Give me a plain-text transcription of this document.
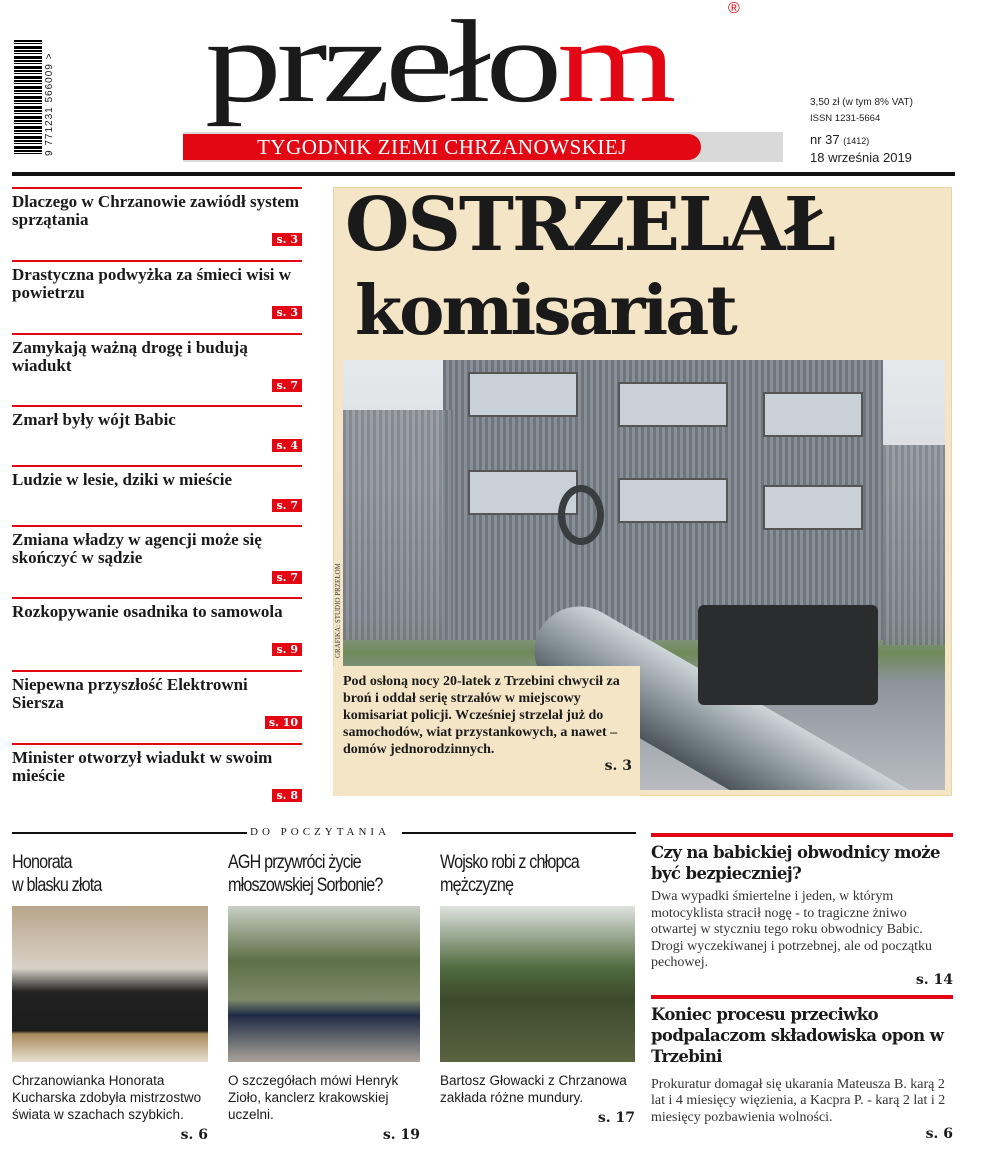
9 771231 566009 >	TYGODNIK ZIEMI CHRZANOWSKIEJ
przełom	®
3,50 zł (w tym 8% VAT)
ISSN 1231-5664
nr 37 (1412)
18 września 2019
Dlaczego w Chrzanowie zawiódł system sprzątania
s. 3
Drastyczna podwyżka za śmieci wisi w powietrzu
s. 3
Zamykają ważną drogę i budują wiadukt
s. 7
Zmarł były wójt Babic
s. 4
Ludzie w lesie, dziki w mieście
s. 7
Zmiana władzy w agencji może się skończyć w sądzie
s. 7
Rozkopywanie osadnika to samowola
s. 9
Niepewna przyszłość Elektrowni Siersza
s. 10
Minister otworzył wiadukt w swoim mieście
s. 8
OSTRZELAŁ
komisariat
GRAFIKA: STUDIO PRZEŁOM

Pod osłoną nocy 20-latek z Trzebini chwycił za broń i oddał serię strzałów w miejscowy komisariat policji. Wcześniej strzelał już do samochodów, wiat przystankowych, a nawet – domów jednorodzinnych.

s. 3
DO POCZYTANIA
Honorata
w blasku złota

Chrzanowianka Honorata Kucharska zdobyła mistrzostwo świata w szachach szybkich.

s. 6
AGH przywróci życie
młoszowskiej Sorbonie?

O szczegółach mówi Henryk Zioło, kanclerz krakowskiej uczelni.

s. 19
Wojsko robi z chłopca
mężczyznę

Bartosz Głowacki z Chrzanowa zakłada różne mundury.

s. 17
Czy na babickiej obwodnicy może być bezpieczniej?

Dwa wypadki śmiertelne i jeden, w którym motocyklista stracił nogę - to tragiczne żniwo otwartej w styczniu tego roku obwodnicy Babic. Drogi wyczekiwanej i potrzebnej, ale od początku pechowej.

s. 14
Koniec procesu przeciwko podpalaczom składowiska opon w Trzebini

Prokuratur domagał się ukarania Mateusza B. karą 2 lat i 4 miesięcy więzienia, a Kacpra P. - karą 2 lat i 2 miesięcy pozbawienia wolności.

s. 6
